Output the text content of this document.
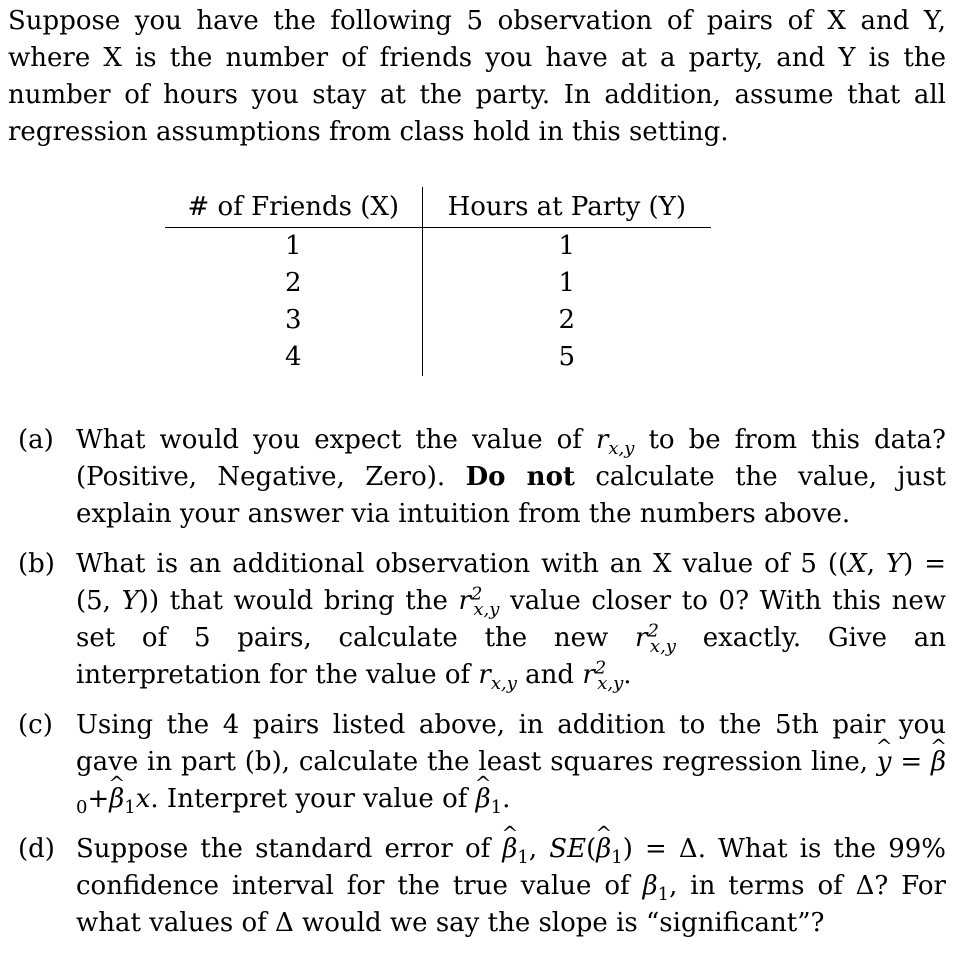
Suppose you have the following 5 observation of pairs of X and Y, where X is the number of friends you have at a party, and Y is the number of hours you stay at the party. In addition, assume that all regression assumptions from class hold in this setting.

# of Friends (X)	Hours at Party (Y)
1	1
2	1
3	2
4	5
(a) What would you expect the value of $r_{x,y}$ to be from this data? (Positive, Negative, Zero). Do not calculate the value, just explain your answer via intuition from the numbers above.
(b) What is an additional observation with an X value of 5 ((X, Y) = (5, Y)) that would bring the $r^2_{x,y}$ value closer to 0? With this new set of 5 pairs, calculate the new $r^2_{x,y}$ exactly. Give an interpretation for the value of $r_{x,y}$ and $r^2_{x,y}$.
(c) Using the 4 pairs listed above, in addition to the 5th pair you gave in part (b), calculate the least squares regression line, ^ y = ^ $\beta_0+\^{}$ $\beta_1x$. Interpret your value of ^ $\beta_1$.
(d) Suppose the standard error of ^ $\beta_1$, SE(^ $\beta_1) = \Delta$. What is the 99% confidence interval for the true value of $\beta_1$, in terms of Δ? For what values of Δ would we say the slope is “significant”?
